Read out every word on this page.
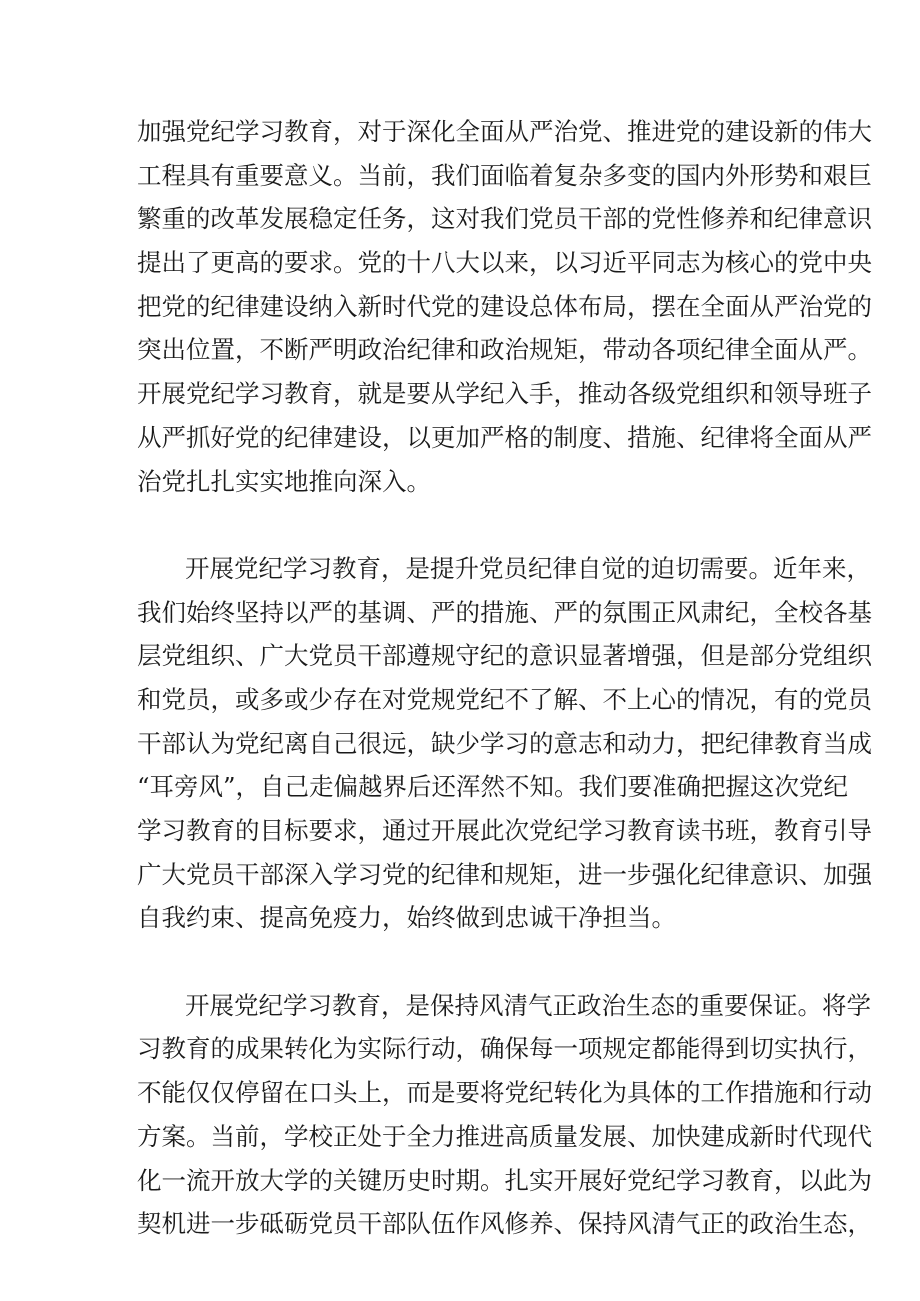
加强党纪学习教育，对于深化全面从严治党、推进党的建设新的伟大
工程具有重要意义。当前，我们面临着复杂多变的国内外形势和艰巨
繁重的改革发展稳定任务，这对我们党员干部的党性修养和纪律意识
提出了更高的要求。党的十八大以来，以习近平同志为核心的党中央
把党的纪律建设纳入新时代党的建设总体布局，摆在全面从严治党的
突出位置，不断严明政治纪律和政治规矩，带动各项纪律全面从严。
开展党纪学习教育，就是要从学纪入手，推动各级党组织和领导班子
从严抓好党的纪律建设，以更加严格的制度、措施、纪律将全面从严
治党扎扎实实地推向深入。
开展党纪学习教育，是提升党员纪律自觉的迫切需要。近年来，
我们始终坚持以严的基调、严的措施、严的氛围正风肃纪，全校各基
层党组织、广大党员干部遵规守纪的意识显著增强，但是部分党组织
和党员，或多或少存在对党规党纪不了解、不上心的情况，有的党员
干部认为党纪离自己很远，缺少学习的意志和动力，把纪律教育当成
“耳旁风”，自己走偏越界后还浑然不知。我们要准确把握这次党纪
学习教育的目标要求，通过开展此次党纪学习教育读书班，教育引导
广大党员干部深入学习党的纪律和规矩，进一步强化纪律意识、加强
自我约束、提高免疫力，始终做到忠诚干净担当。
开展党纪学习教育，是保持风清气正政治生态的重要保证。将学
习教育的成果转化为实际行动，确保每一项规定都能得到切实执行，
不能仅仅停留在口头上，而是要将党纪转化为具体的工作措施和行动
方案。当前，学校正处于全力推进高质量发展、加快建成新时代现代
化一流开放大学的关键历史时期。扎实开展好党纪学习教育，以此为
契机进一步砥砺党员干部队伍作风修养、保持风清气正的政治生态，
